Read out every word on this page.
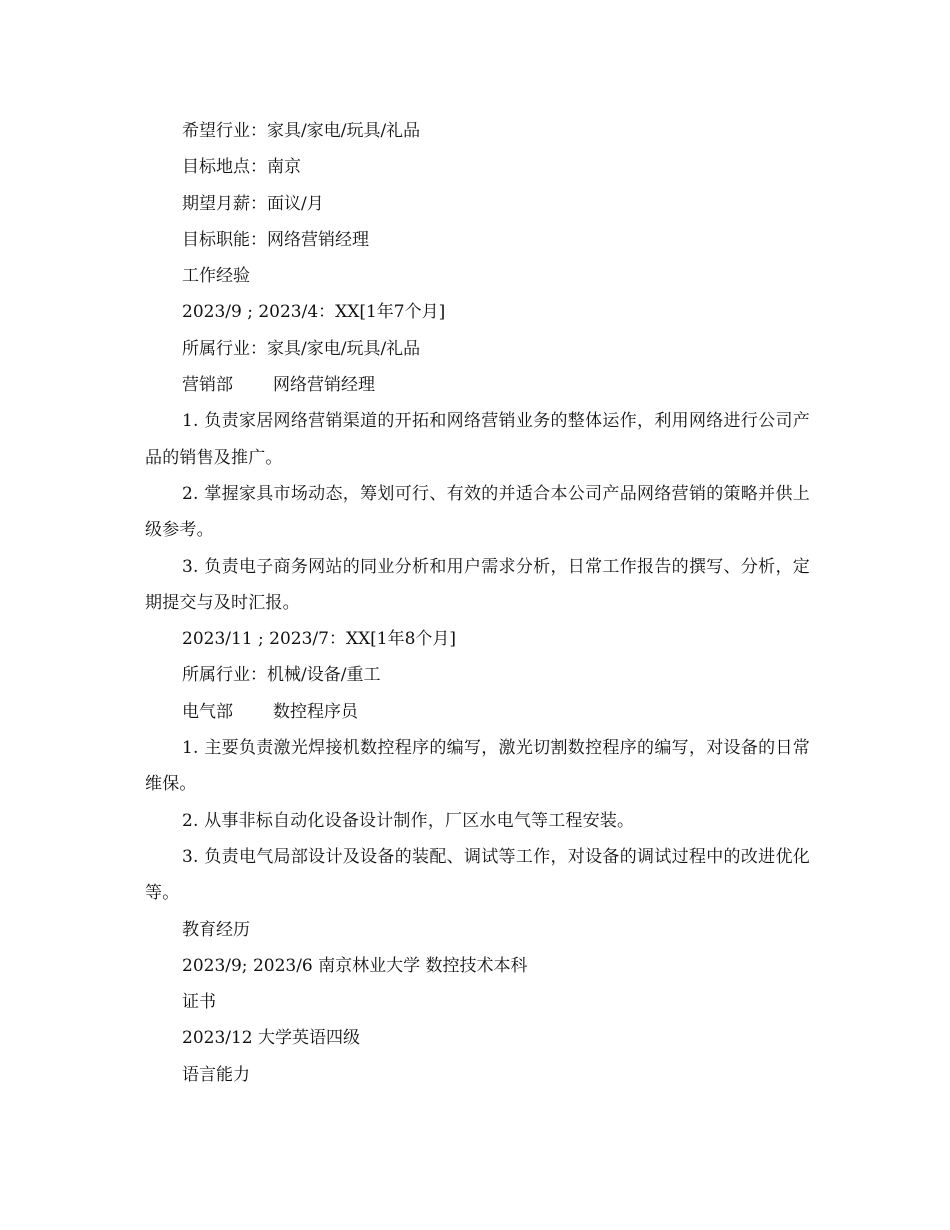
希望行业：家具/家电/玩具/礼品

目标地点：南京

期望月薪：面议/月

目标职能：网络营销经理

工作经验

2023/9 ; 2023/4：XX[1年7个月]

所属行业：家具/家电/玩具/礼品

营销部 网络营销经理

1. 负责家居网络营销渠道的开拓和网络营销业务的整体运作，利用网络进行公司产品的销售及推广。

2. 掌握家具市场动态，筹划可行、有效的并适合本公司产品网络营销的策略并供上级参考。

3. 负责电子商务网站的同业分析和用户需求分析，日常工作报告的撰写、分析，定期提交与及时汇报。

2023/11 ; 2023/7：XX[1年8个月]

所属行业：机械/设备/重工

电气部 数控程序员

1. 主要负责激光焊接机数控程序的编写，激光切割数控程序的编写，对设备的日常维保。

2. 从事非标自动化设备设计制作，厂区水电气等工程安装。

3. 负责电气局部设计及设备的装配、调试等工作，对设备的调试过程中的改进优化等。

教育经历

2023/9; 2023/6 南京林业大学 数控技术本科

证书

2023/12 大学英语四级

语言能力
